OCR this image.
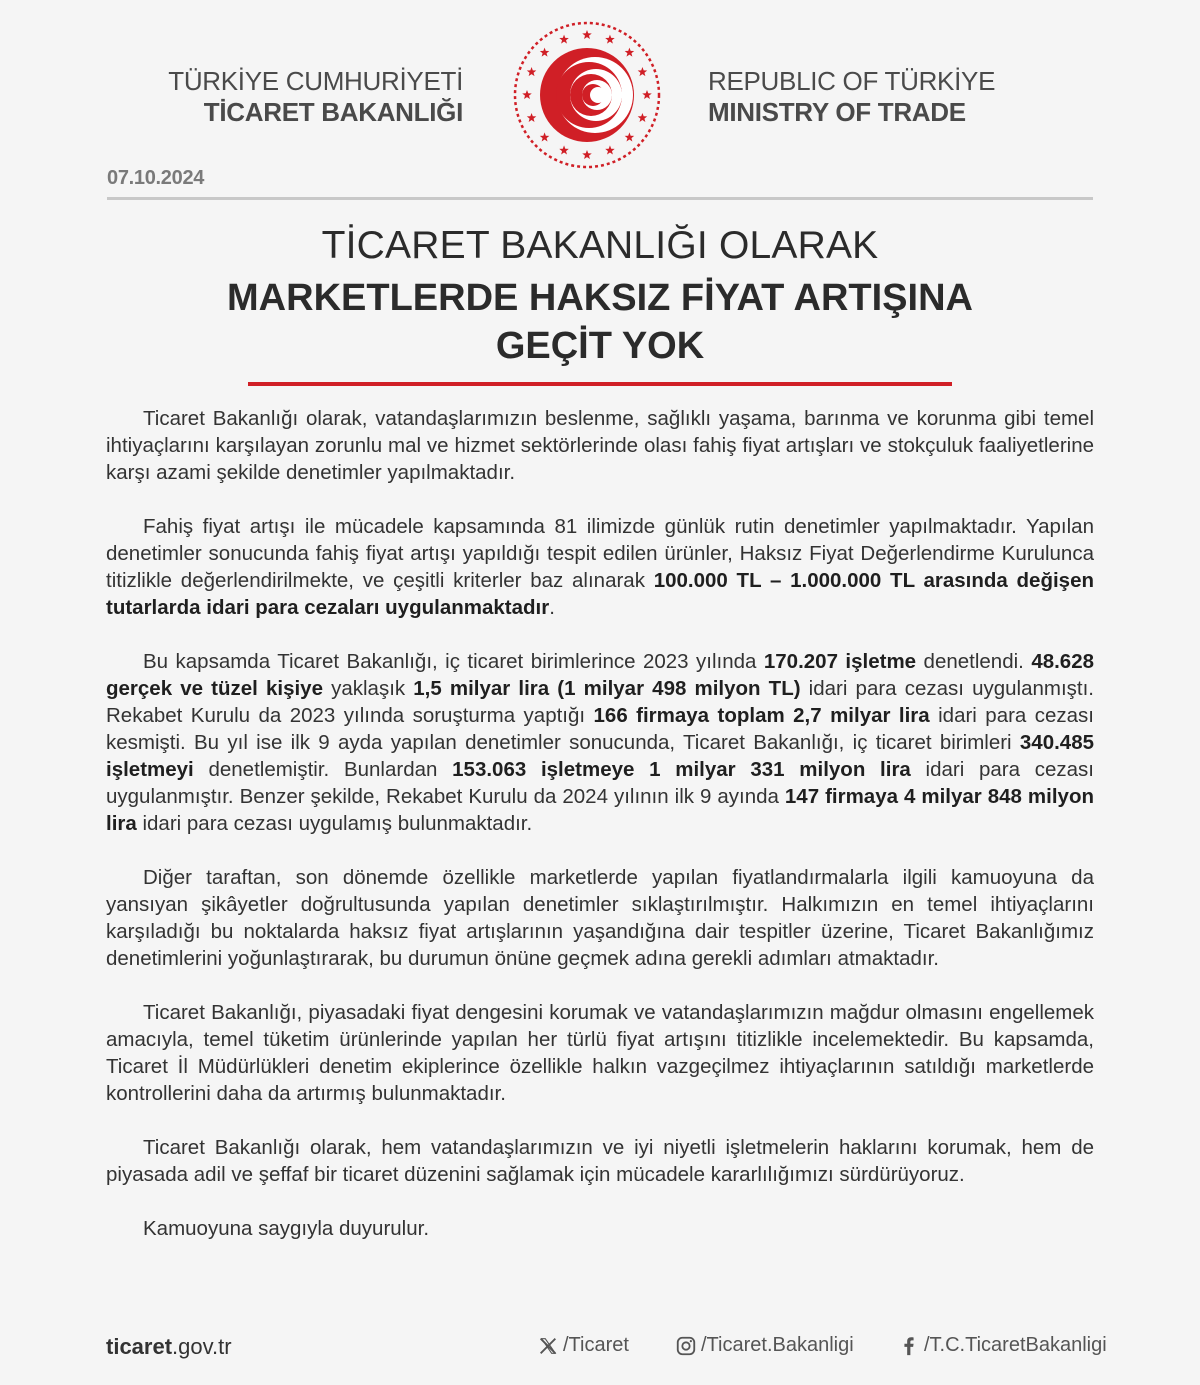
TÜRKİYE CUMHURİYETİ
TİCARET BAKANLIĞI
REPUBLIC OF TÜRKİYE
MINISTRY OF TRADE
07.10.2024
TİCARET BAKANLIĞI OLARAK
MARKETLERDE HAKSIZ FİYAT ARTIŞINA
GEÇİT YOK

Ticaret Bakanlığı olarak, vatandaşlarımızın beslenme, sağlıklı yaşama, barınma ve korunma gibi temel ihtiyaçlarını karşılayan zorunlu mal ve hizmet sektörlerinde olası fahiş fiyat artışları ve stokçuluk faaliyetlerine karşı azami şekilde denetimler yapılmaktadır.

Fahiş fiyat artışı ile mücadele kapsamında 81 ilimizde günlük rutin denetimler yapılmaktadır. Yapılan denetimler sonucunda fahiş fiyat artışı yapıldığı tespit edilen ürünler, Haksız Fiyat Değerlendirme Kurulunca titizlikle değerlendirilmekte, ve çeşitli kriterler baz alınarak 100.000 TL – 1.000.000 TL arasında değişen tutarlarda idari para cezaları uygulanmaktadır.

Bu kapsamda Ticaret Bakanlığı, iç ticaret birimlerince 2023 yılında 170.207 işletme denetlendi. 48.628 gerçek ve tüzel kişiye yaklaşık 1,5 milyar lira (1 milyar 498 milyon TL) idari para cezası uygulanmıştı. Rekabet Kurulu da 2023 yılında soruşturma yaptığı 166 firmaya toplam 2,7 milyar lira idari para cezası kesmişti. Bu yıl ise ilk 9 ayda yapılan denetimler sonucunda, Ticaret Bakanlığı, iç ticaret birimleri 340.485 işletmeyi denetlemiştir. Bunlardan 153.063 işletmeye 1 milyar 331 milyon lira idari para cezası uygulanmıştır. Benzer şekilde, Rekabet Kurulu da 2024 yılının ilk 9 ayında 147 firmaya 4 milyar 848 milyon lira idari para cezası uygulamış bulunmaktadır.

Diğer taraftan, son dönemde özellikle marketlerde yapılan fiyatlandırmalarla ilgili kamuoyuna da yansıyan şikâyetler doğrultusunda yapılan denetimler sıklaştırılmıştır. Halkımızın en temel ihtiyaçlarını karşıladığı bu noktalarda haksız fiyat artışlarının yaşandığına dair tespitler üzerine, Ticaret Bakanlığımız denetimlerini yoğunlaştırarak, bu durumun önüne geçmek adına gerekli adımları atmaktadır.

Ticaret Bakanlığı, piyasadaki fiyat dengesini korumak ve vatandaşlarımızın mağdur olmasını engellemek amacıyla, temel tüketim ürünlerinde yapılan her türlü fiyat artışını titizlikle incelemektedir. Bu kapsamda, Ticaret İl Müdürlükleri denetim ekiplerince özellikle halkın vazgeçilmez ihtiyaçlarının satıldığı marketlerde kontrollerini daha da artırmış bulunmaktadır.

Ticaret Bakanlığı olarak, hem vatandaşlarımızın ve iyi niyetli işletmelerin haklarını korumak, hem de piyasada adil ve şeffaf bir ticaret düzenini sağlamak için mücadele kararlılığımızı sürdürüyoruz.

Kamuoyuna saygıyla duyurulur.

ticaret.gov.tr	/Ticaret	/Ticaret.Bakanligi	/T.C.TicaretBakanligi
